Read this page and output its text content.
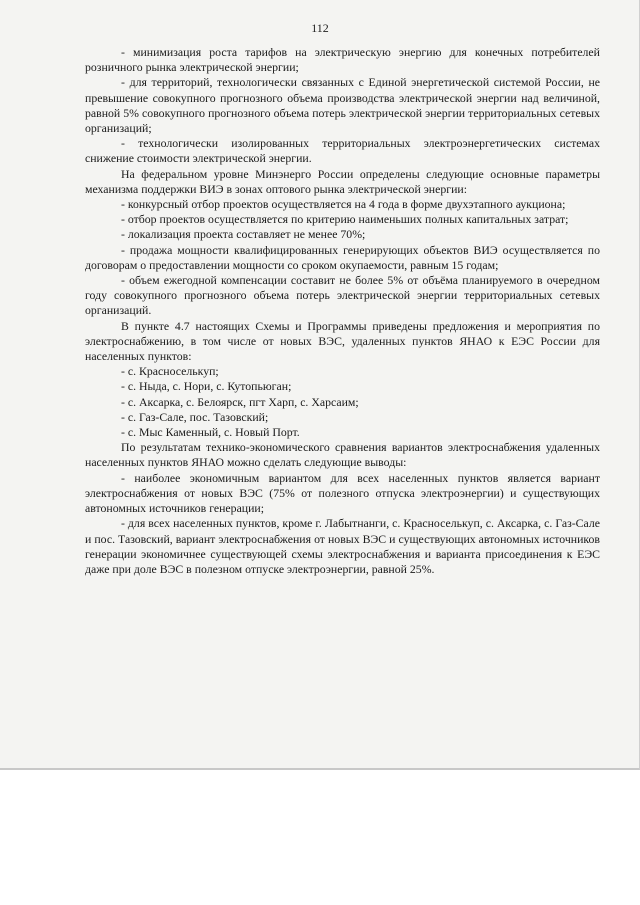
112

- минимизация роста тарифов на электрическую энергию для конечных потребителей розничного рынка электрической энергии;

- для территорий, технологически связанных с Единой энергетической системой России, не превышение совокупного прогнозного объема производства электрической энергии над величиной, равной 5% совокупного прогнозного объема потерь электрической энергии территориальных сетевых организаций;

- технологически изолированных территориальных электроэнергетических системах снижение стоимости электрической энергии.

На федеральном уровне Минэнерго России определены следующие основные параметры механизма поддержки ВИЭ в зонах оптового рынка электрической энергии:

- конкурсный отбор проектов осуществляется на 4 года в форме двухэтапного аукциона;

- отбор проектов осуществляется по критерию наименьших полных капитальных затрат;

- локализация проекта составляет не менее 70%;

- продажа мощности квалифицированных генерирующих объектов ВИЭ осуществляется по договорам о предоставлении мощности со сроком окупаемости, равным 15 годам;

- объем ежегодной компенсации составит не более 5% от объёма планируемого в очередном году совокупного прогнозного объема потерь электрической энергии территориальных сетевых организаций.

В пункте 4.7 настоящих Схемы и Программы приведены предложения и мероприятия по электроснабжению, в том числе от новых ВЭС, удаленных пунктов ЯНАО к ЕЭС России для населенных пунктов:

- с. Красноселькуп;

- с. Ныда, с. Нори, с. Кутопьюган;

- с. Аксарка, с. Белоярск, пгт Харп, с. Харсаим;

- с. Газ-Сале, пос. Тазовский;

- с. Мыс Каменный, с. Новый Порт.

По результатам технико-экономического сравнения вариантов электроснабжения удаленных населенных пунктов ЯНАО можно сделать следующие выводы:

- наиболее экономичным вариантом для всех населенных пунктов является вариант электроснабжения от новых ВЭС (75% от полезного отпуска электроэнергии) и существующих автономных источников генерации;

- для всех населенных пунктов, кроме г. Лабытнанги, с. Красноселькуп, с. Аксарка, с. Газ-Сале и пос. Тазовский, вариант электроснабжения от новых ВЭС и существующих автономных источников генерации экономичнее существующей схемы электроснабжения и варианта присоединения к ЕЭС даже при доле ВЭС в полезном отпуске электроэнергии, равной 25%.
